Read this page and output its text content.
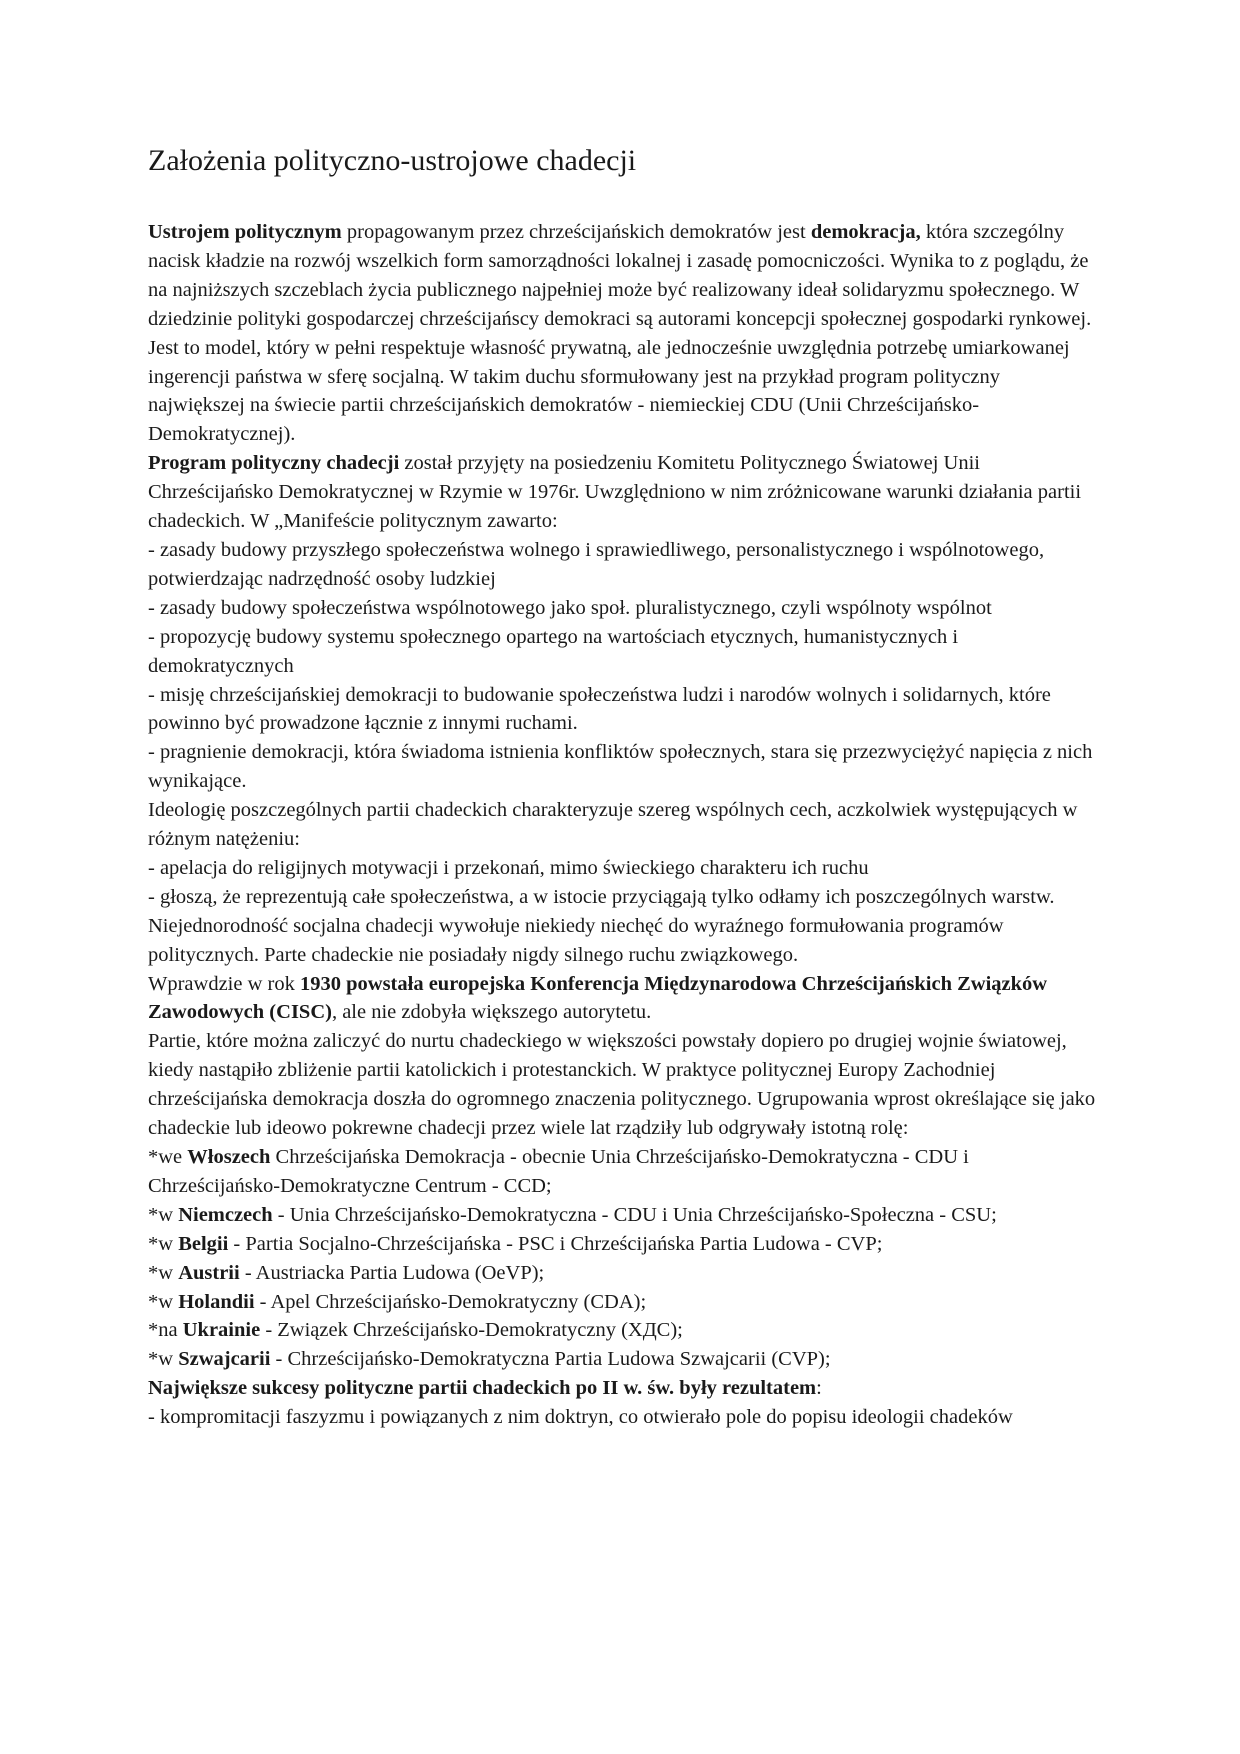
Założenia polityczno-ustrojowe chadecji

Ustrojem politycznym propagowanym przez chrześcijańskich demokratów jest demokracja, która szczególny nacisk kładzie na rozwój wszelkich form samorządności lokalnej i zasadę pomocniczości. Wynika to z poglądu, że na najniższych szczeblach życia publicznego najpełniej może być realizowany ideał solidaryzmu społecznego. W dziedzinie polityki gospodarczej chrześcijańscy demokraci są autorami koncepcji społecznej gospodarki rynkowej. Jest to model, który w pełni respektuje własność prywatną, ale jednocześnie uwzględnia potrzebę umiarkowanej ingerencji państwa w sferę socjalną. W takim duchu sformułowany jest na przykład program polityczny największej na świecie partii chrześcijańskich demokratów - niemieckiej CDU (Unii Chrześcijańsko-Demokratycznej).

Program polityczny chadecji został przyjęty na posiedzeniu Komitetu Politycznego Światowej Unii Chrześcijańsko Demokratycznej w Rzymie w 1976r. Uwzględniono w nim zróżnicowane warunki działania partii chadeckich. W „Manifeście politycznym zawarto:

- zasady budowy przyszłego społeczeństwa wolnego i sprawiedliwego, personalistycznego i wspólnotowego, potwierdzając nadrzędność osoby ludzkiej

- zasady budowy społeczeństwa wspólnotowego jako społ. pluralistycznego, czyli wspólnoty wspólnot

- propozycję budowy systemu społecznego opartego na wartościach etycznych, humanistycznych i demokratycznych

- misję chrześcijańskiej demokracji to budowanie społeczeństwa ludzi i narodów wolnych i solidarnych, które powinno być prowadzone łącznie z innymi ruchami.

- pragnienie demokracji, która świadoma istnienia konfliktów społecznych, stara się przezwyciężyć napięcia z nich wynikające.

Ideologię poszczególnych partii chadeckich charakteryzuje szereg wspólnych cech, aczkolwiek występujących w różnym natężeniu:

- apelacja do religijnych motywacji i przekonań, mimo świeckiego charakteru ich ruchu

- głoszą, że reprezentują całe społeczeństwa, a w istocie przyciągają tylko odłamy ich poszczególnych warstw.

Niejednorodność socjalna chadecji wywołuje niekiedy niechęć do wyraźnego formułowania programów politycznych. Parte chadeckie nie posiadały nigdy silnego ruchu związkowego.

Wprawdzie w rok 1930 powstała europejska Konferencja Międzynarodowa Chrześcijańskich Związków Zawodowych (CISC), ale nie zdobyła większego autorytetu.

Partie, które można zaliczyć do nurtu chadeckiego w większości powstały dopiero po drugiej wojnie światowej, kiedy nastąpiło zbliżenie partii katolickich i protestanckich. W praktyce politycznej Europy Zachodniej chrześcijańska demokracja doszła do ogromnego znaczenia politycznego. Ugrupowania wprost określające się jako chadeckie lub ideowo pokrewne chadecji przez wiele lat rządziły lub odgrywały istotną rolę:

*we Włoszech Chrześcijańska Demokracja - obecnie Unia Chrześcijańsko-Demokratyczna - CDU i Chrześcijańsko-Demokratyczne Centrum - CCD;

*w Niemczech - Unia Chrześcijańsko-Demokratyczna - CDU i Unia Chrześcijańsko-Społeczna - CSU;

*w Belgii - Partia Socjalno-Chrześcijańska - PSC i Chrześcijańska Partia Ludowa - CVP;

*w Austrii - Austriacka Partia Ludowa (OeVP);

*w Holandii - Apel Chrześcijańsko-Demokratyczny (CDA);

*na Ukrainie - Związek Chrześcijańsko-Demokratyczny (ХДС);

*w Szwajcarii - Chrześcijańsko-Demokratyczna Partia Ludowa Szwajcarii (CVP);

Największe sukcesy polityczne partii chadeckich po II w. św. były rezultatem:

- kompromitacji faszyzmu i powiązanych z nim doktryn, co otwierało pole do popisu ideologii chadeków
